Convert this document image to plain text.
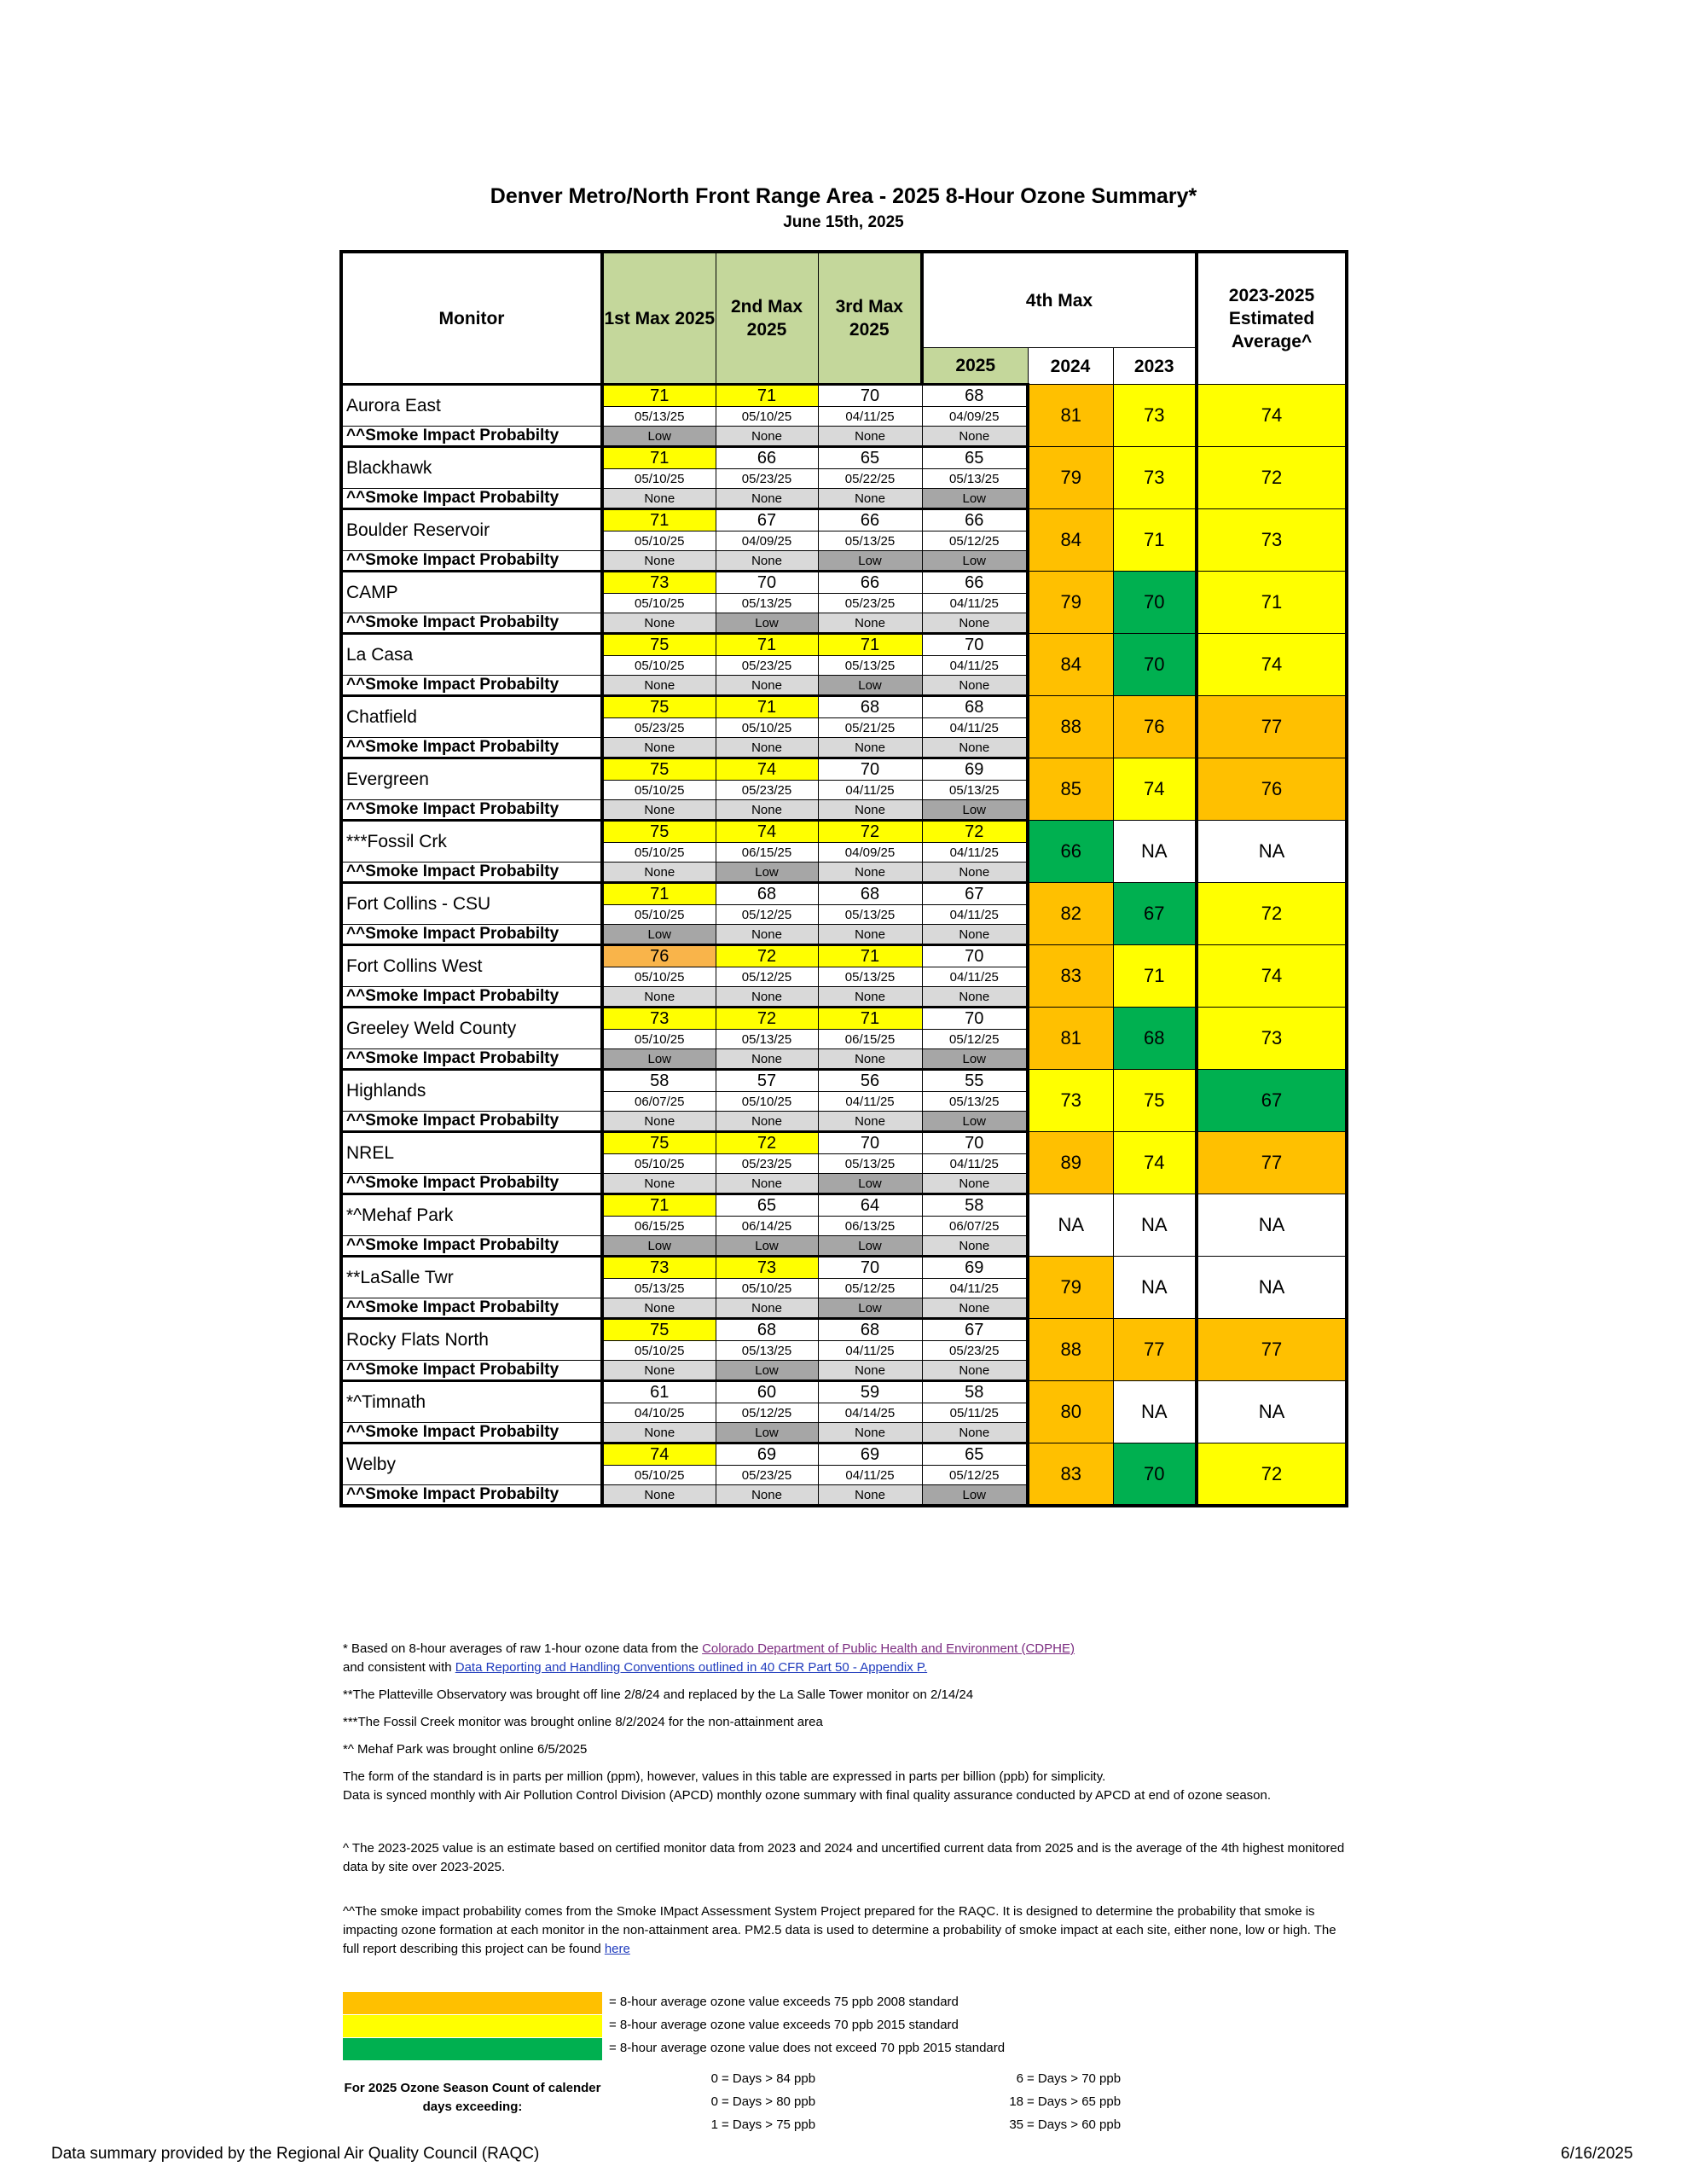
Denver Metro/North Front Range Area - 2025 8-Hour Ozone Summary*
June 15th, 2025
Monitor	1st Max 2025	2nd Max 2025	3rd Max 2025	4th Max			2023-2025 Estimated Average^
				2025	2024	2023	
Aurora East	71	71	70	68	81	73	74
	05/13/25	05/10/25	04/11/25	04/09/25			
^^Smoke Impact Probabilty	Low	None	None	None			
Blackhawk	71	66	65	65	79	73	72
	05/10/25	05/23/25	05/22/25	05/13/25			
^^Smoke Impact Probabilty	None	None	None	Low			
Boulder Reservoir	71	67	66	66	84	71	73
	05/10/25	04/09/25	05/13/25	05/12/25			
^^Smoke Impact Probabilty	None	None	Low	Low			
CAMP	73	70	66	66	79	70	71
	05/10/25	05/13/25	05/23/25	04/11/25			
^^Smoke Impact Probabilty	None	Low	None	None			
La Casa	75	71	71	70	84	70	74
	05/10/25	05/23/25	05/13/25	04/11/25			
^^Smoke Impact Probabilty	None	None	Low	None			
Chatfield	75	71	68	68	88	76	77
	05/23/25	05/10/25	05/21/25	04/11/25			
^^Smoke Impact Probabilty	None	None	None	None			
Evergreen	75	74	70	69	85	74	76
	05/10/25	05/23/25	04/11/25	05/13/25			
^^Smoke Impact Probabilty	None	None	None	Low			
***Fossil Crk	75	74	72	72	66	NA	NA
	05/10/25	06/15/25	04/09/25	04/11/25			
^^Smoke Impact Probabilty	None	Low	None	None			
Fort Collins - CSU	71	68	68	67	82	67	72
	05/10/25	05/12/25	05/13/25	04/11/25			
^^Smoke Impact Probabilty	Low	None	None	None			
Fort Collins West	76	72	71	70	83	71	74
	05/10/25	05/12/25	05/13/25	04/11/25			
^^Smoke Impact Probabilty	None	None	None	None			
Greeley Weld County	73	72	71	70	81	68	73
	05/10/25	05/13/25	06/15/25	05/12/25			
^^Smoke Impact Probabilty	Low	None	None	Low			
Highlands	58	57	56	55	73	75	67
	06/07/25	05/10/25	04/11/25	05/13/25			
^^Smoke Impact Probabilty	None	None	None	Low			
NREL	75	72	70	70	89	74	77
	05/10/25	05/23/25	05/13/25	04/11/25			
^^Smoke Impact Probabilty	None	None	Low	None			
*^Mehaf Park	71	65	64	58	NA	NA	NA
	06/15/25	06/14/25	06/13/25	06/07/25			
^^Smoke Impact Probabilty	Low	Low	Low	None			
**LaSalle Twr	73	73	70	69	79	NA	NA
	05/13/25	05/10/25	05/12/25	04/11/25			
^^Smoke Impact Probabilty	None	None	Low	None			
Rocky Flats North	75	68	68	67	88	77	77
	05/10/25	05/13/25	04/11/25	05/23/25			
^^Smoke Impact Probabilty	None	Low	None	None			
*^Timnath	61	60	59	58	80	NA	NA
	04/10/25	05/12/25	04/14/25	05/11/25			
^^Smoke Impact Probabilty	None	Low	None	None			
Welby	74	69	69	65	83	70	72
	05/10/25	05/23/25	04/11/25	05/12/25			
^^Smoke Impact Probabilty	None	None	None	Low			

* Based on 8-hour averages of raw 1-hour ozone data from the Colorado Department of Public Health and Environment (CDPHE)

and consistent with Data Reporting and Handling Conventions outlined in 40 CFR Part 50 - Appendix P.

**The Platteville Observatory was brought off line 2/8/24 and replaced by the La Salle Tower monitor on 2/14/24

***The Fossil Creek monitor was brought online 8/2/2024 for the non-attainment area

*^ Mehaf Park was brought online 6/5/2025

The form of the standard is in parts per million (ppm), however, values in this table are expressed in parts per billion (ppb) for simplicity.

Data is synced monthly with Air Pollution Control Division (APCD) monthly ozone summary with final quality assurance conducted by APCD at end of ozone season.

^ The 2023-2025 value is an estimate based on certified monitor data from 2023 and 2024 and uncertified current data from 2025 and is the average of the 4th highest monitored data by site over 2023-2025.

^^The smoke impact probability comes from the Smoke IMpact Assessment System Project prepared for the RAQC. It is designed to determine the probability that smoke is impacting ozone formation at each monitor in the non-attainment area. PM2.5 data is used to determine a probability of smoke impact at each site, either none, low or high. The full report describing this project can be found here

= 8-hour average ozone value exceeds 75 ppb 2008 standard
= 8-hour average ozone value exceeds 70 ppb 2015 standard
= 8-hour average ozone value does not exceed 70 ppb 2015 standard
For 2025 Ozone Season Count of calender days exceeding:
0 = Days > 84 ppb
0 = Days > 80 ppb
1 = Days > 75 ppb
6 = Days > 70 ppb
18 = Days > 65 ppb
35 = Days > 60 ppb
Data summary provided by the Regional Air Quality Council (RAQC)	6/16/2025
